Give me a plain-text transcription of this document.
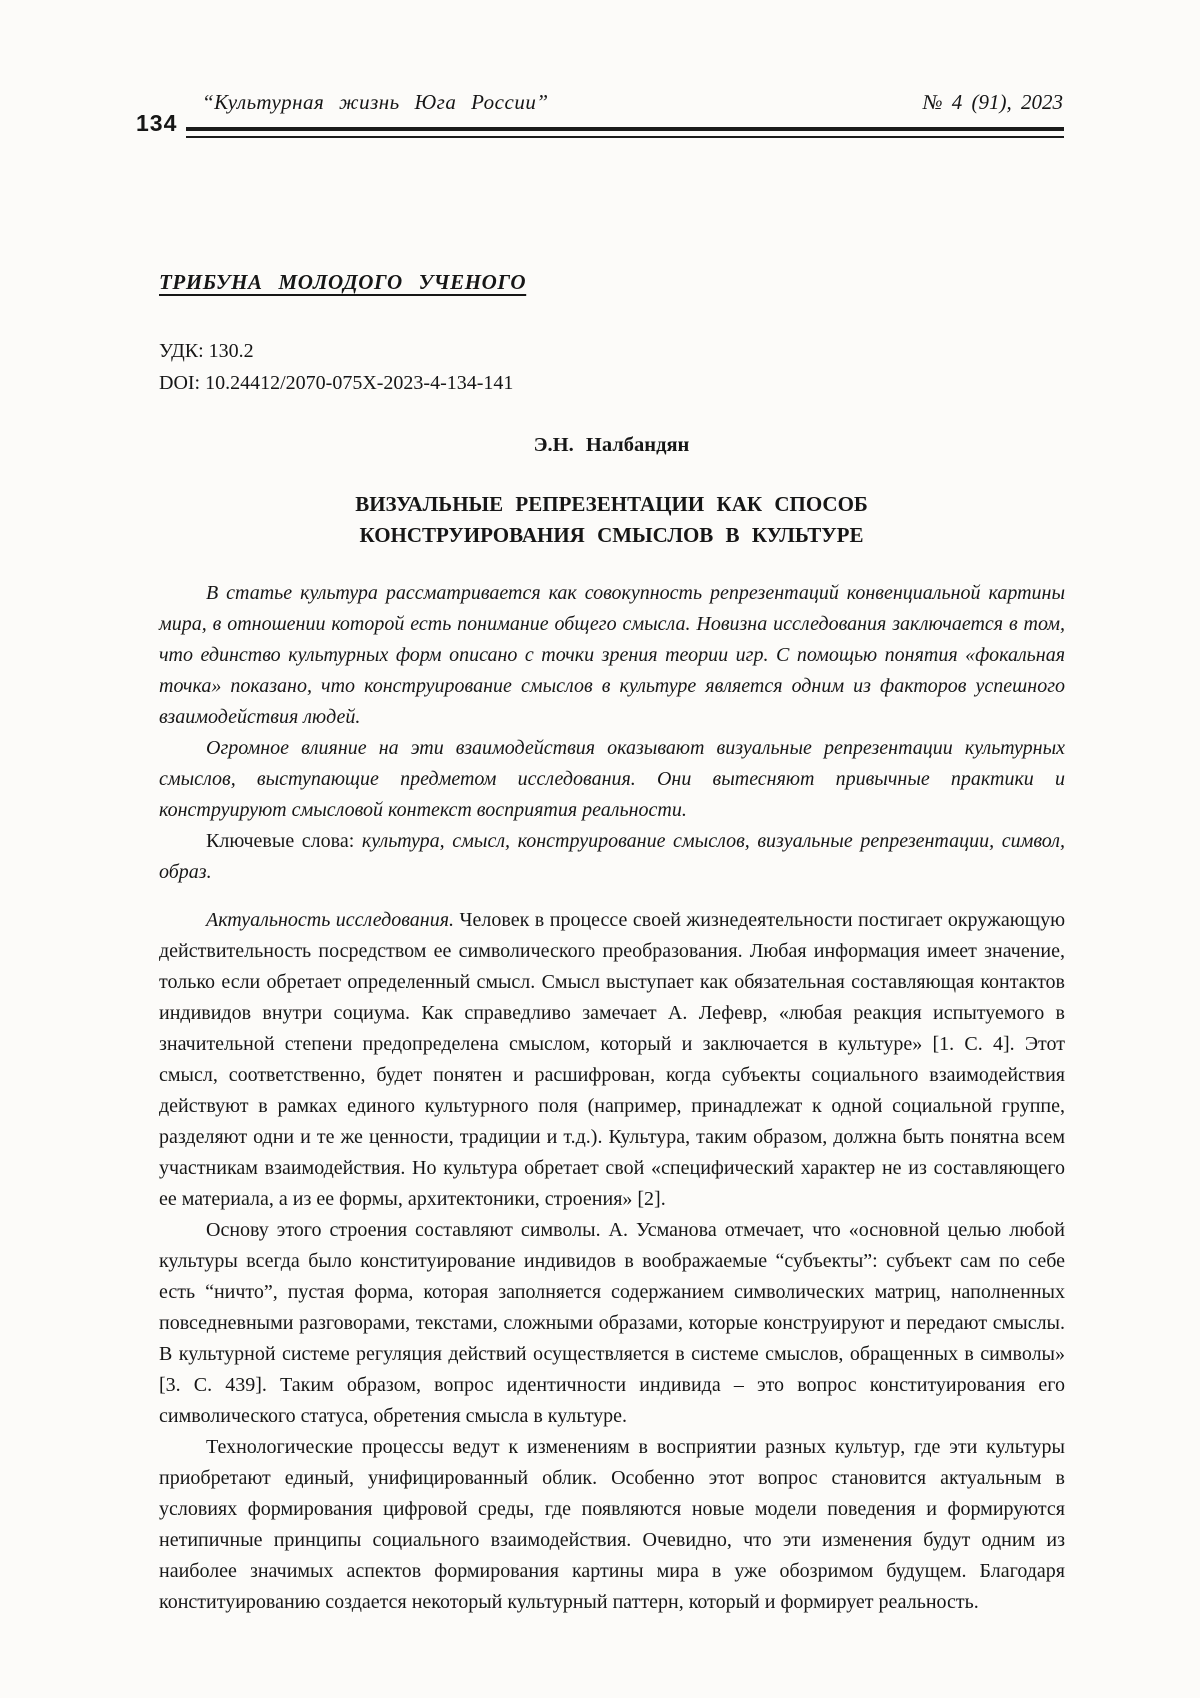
“Культурная жизнь Юга России”	№ 4 (91), 2023
134
ТРИБУНА МОЛОДОГО УЧЕНОГО
УДК: 130.2
DOI: 10.24412/2070-075X-2023-4-134-141
Э.Н. Налбандян
ВИЗУАЛЬНЫЕ РЕПРЕЗЕНТАЦИИ КАК СПОСОБ
КОНСТРУИРОВАНИЯ СМЫСЛОВ В КУЛЬТУРЕ

В статье культура рассматривается как совокупность репрезентаций конвенциальной картины мира, в отношении которой есть понимание общего смысла. Новизна исследования заключается в том, что единство культурных форм описано с точки зрения теории игр. С помощью понятия «фокальная точка» показано, что конструирование смыслов в культуре является одним из факторов успешного взаимодействия людей.

Огромное влияние на эти взаимодействия оказывают визуальные репрезентации культурных смыслов, выступающие предметом исследования. Они вытесняют привычные практики и конструируют смысловой контекст восприятия реальности.

Ключевые слова: культура, смысл, конструирование смыслов, визуальные репрезентации, символ, образ.

Актуальность исследования. Человек в процессе своей жизнедеятельности постигает окружающую действительность посредством ее символического преобразования. Любая информация имеет значение, только если обретает определенный смысл. Смысл выступает как обязательная составляющая контактов индивидов внутри социума. Как справедливо замечает А. Лефевр, «любая реакция испытуемого в значительной степени предопределена смыслом, который и заключается в культуре» [1. С. 4]. Этот смысл, соответственно, будет понятен и расшифрован, когда субъекты социального взаимодействия действуют в рамках единого культурного поля (например, принадлежат к одной социальной группе, разделяют одни и те же ценности, традиции и т.д.). Культура, таким образом, должна быть понятна всем участникам взаимодействия. Но культура обретает свой «специфический характер не из составляющего ее материала, а из ее формы, архитектоники, строения» [2].

Основу этого строения составляют символы. А. Усманова отмечает, что «основной целью любой культуры всегда было конституирование индивидов в воображаемые “субъекты”: субъект сам по себе есть “ничто”, пустая форма, которая заполняется содержанием символических матриц, наполненных повседневными разговорами, текстами, сложными образами, которые конструируют и передают смыслы. В культурной системе регуляция действий осуществляется в системе смыслов, обращенных в символы» [3. С. 439]. Таким образом, вопрос идентичности индивида – это вопрос конституирования его символического статуса, обретения смысла в культуре.

Технологические процессы ведут к изменениям в восприятии разных культур, где эти культуры приобретают единый, унифицированный облик. Особенно этот вопрос становится актуальным в условиях формирования цифровой среды, где появляются новые модели поведения и формируются нетипичные принципы социального взаимодействия. Очевидно, что эти изменения будут одним из наиболее значимых аспектов формирования картины мира в уже обозримом будущем. Благодаря конституированию создается некоторый культурный паттерн, который и формирует реальность.
